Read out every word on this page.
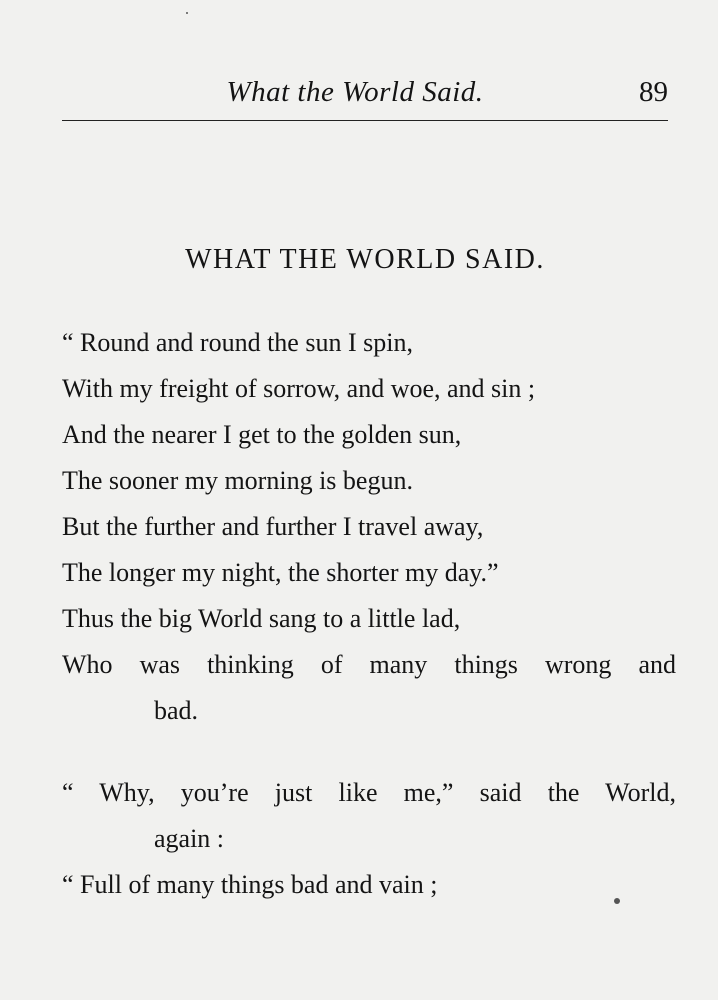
What the World Said.	89
WHAT THE WORLD SAID.
“ Round and round the sun I spin,
With my freight of sorrow, and woe, and sin ;
And the nearer I get to the golden sun,
The sooner my morning is begun.
But the further and further I travel away,
The longer my night, the shorter my day.”
Thus the big World sang to a little lad,
Who was thinking of many things wrong and
bad.
“ Why, you’re just like me,” said the World,
again :
“ Full of many things bad and vain ;
